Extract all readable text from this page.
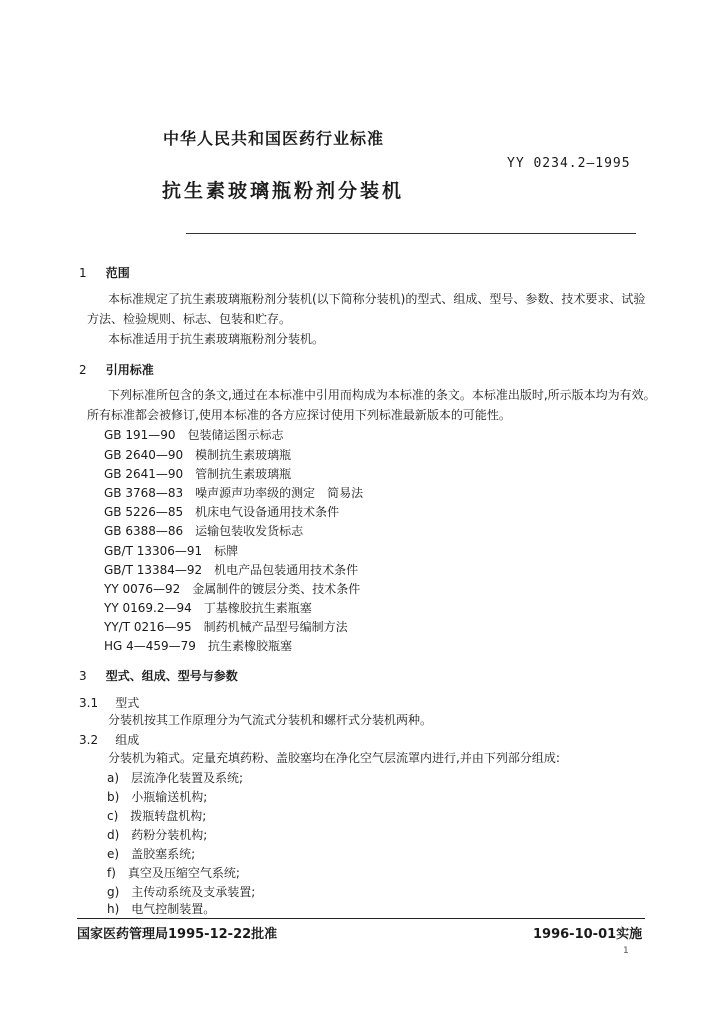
中华人民共和国医药行业标准
YY 0234.2—1995
抗生素玻璃瓶粉剂分装机
1 范围
本标准规定了抗生素玻璃瓶粉剂分装机(以下简称分装机)的型式、组成、型号、参数、技术要求、试验方法、检验规则、标志、包装和贮存。
本标准适用于抗生素玻璃瓶粉剂分装机。
2 引用标准
下列标准所包含的条文,通过在本标准中引用而构成为本标准的条文。本标准出版时,所示版本均为有效。所有标准都会被修订,使用本标准的各方应探讨使用下列标准最新版本的可能性。
GB 191—90　包装储运图示标志
GB 2640—90　模制抗生素玻璃瓶
GB 2641—90　管制抗生素玻璃瓶
GB 3768—83　噪声源声功率级的测定　简易法
GB 5226—85　机床电气设备通用技术条件
GB 6388—86　运输包装收发货标志
GB/T 13306—91　标牌
GB/T 13384—92　机电产品包装通用技术条件
YY 0076—92　金属制件的镀层分类、技术条件
YY 0169.2—94　丁基橡胶抗生素瓶塞
YY/T 0216—95　制药机械产品型号编制方法
HG 4—459—79　抗生素橡胶瓶塞
3 型式、组成、型号与参数
3.1 型式
分装机按其工作原理分为气流式分装机和螺杆式分装机两种。
3.2 组成
分装机为箱式。定量充填药粉、盖胶塞均在净化空气层流罩内进行,并由下列部分组成:
a)　层流净化装置及系统;
b)　小瓶输送机构;
c)　拨瓶转盘机构;
d)　药粉分装机构;
e)　盖胶塞系统;
f)　真空及压缩空气系统;
g)　主传动系统及支承装置;
h)　电气控制装置。
国家医药管理局1995-12-22批准	1996-10-01实施
1
